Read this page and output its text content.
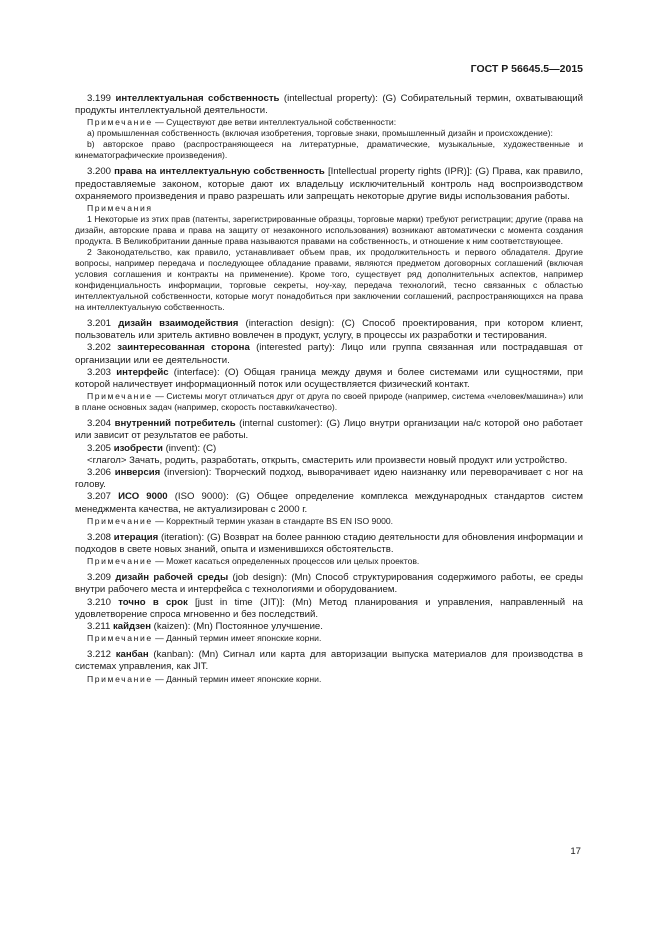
ГОСТ Р 56645.5—2015

3.199 интеллектуальная собственность (intellectual property): (G) Собирательный термин, охватывающий продукты интеллектуальной деятельности.

Примечание — Существуют две ветви интеллектуальной собственности:

a) промышленная собственность (включая изобретения, торговые знаки, промышленный дизайн и происхождение):

b) авторское право (распространяющееся на литературные, драматические, музыкальные, художественные и кинематографические произведения).

3.200 права на интеллектуальную собственность [Intellectual property rights (IPR)]: (G) Права, как правило, предоставляемые законом, которые дают их владельцу исключительный контроль над воспроизводством охраняемого произведения и право разрешать или запрещать некоторые другие виды использования работы.

Примечания

1 Некоторые из этих прав (патенты, зарегистрированные образцы, торговые марки) требуют регистрации; другие (права на дизайн, авторские права и права на защиту от незаконного использования) возникают автоматически с момента создания продукта. В Великобритании данные права называются правами на собственность, и отношение к ним соответствующее.

2 Законодательство, как правило, устанавливает объем прав, их продолжительность и первого обладателя. Другие вопросы, например передача и последующее обладание правами, являются предметом договорных соглашений (включая условия соглашения и контракты на применение). Кроме того, существует ряд дополнительных аспектов, например конфиденциальность информации, торговые секреты, ноу-хау, передача технологий, тесно связанных с областью интеллектуальной собственности, которые могут понадобиться при заключении соглашений, распространяющихся на права на интеллектуальную собственность.

3.201 дизайн взаимодействия (interaction design): (C) Способ проектирования, при котором клиент, пользователь или зритель активно вовлечен в продукт, услугу, в процессы их разработки и тестирования.

3.202 заинтересованная сторона (interested party): Лицо или группа связанная или пострадавшая от организации или ее деятельности.

3.203 интерфейс (interface): (O) Общая граница между двумя и более системами или сущностями, при которой наличествует информационный поток или осуществляется физический контакт.

Примечание — Системы могут отличаться друг от друга по своей природе (например, система «человек/машина») или в плане основных задач (например, скорость поставки/качество).

3.204 внутренний потребитель (internal customer): (G) Лицо внутри организации на/с которой оно работает или зависит от результатов ее работы.

3.205 изобрести (invent): (C)

<глагол> Зачать, родить, разработать, открыть, смастерить или произвести новый продукт или устройство.

3.206 инверсия (inversion): Творческий подход, выворачивает идею наизнанку или переворачивает с ног на голову.

3.207 ИСО 9000 (ISO 9000): (G) Общее определение комплекса международных стандартов систем менеджмента качества, не актуализирован с 2000 г.

Примечание — Корректный термин указан в стандарте BS EN ISO 9000.

3.208 итерация (iteration): (G) Возврат на более раннюю стадию деятельности для обновления информации и подходов в свете новых знаний, опыта и изменившихся обстоятельств.

Примечание — Может касаться определенных процессов или целых проектов.

3.209 дизайн рабочей среды (job design): (Mn) Способ структурирования содержимого работы, ее среды внутри рабочего места и интерфейса с технологиями и оборудованием.

3.210 точно в срок [just in time (JIT)]: (Mn) Метод планирования и управления, направленный на удовлетворение спроса мгновенно и без последствий.

3.211 кайдзен (kaizen): (Mn) Постоянное улучшение.

Примечание — Данный термин имеет японские корни.

3.212 канбан (kanban): (Mn) Сигнал или карта для авторизации выпуска материалов для производства в системах управления, как JIT.

Примечание — Данный термин имеет японские корни.

17
